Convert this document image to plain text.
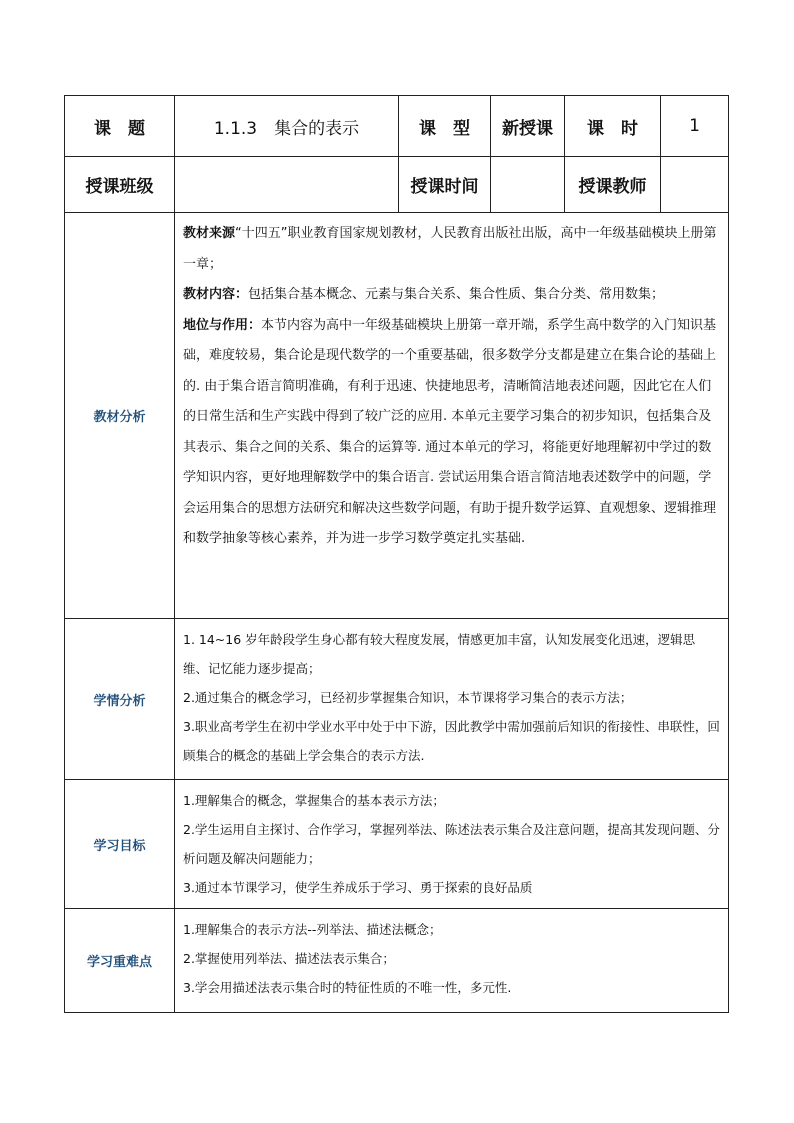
课　题	1.1.3　集合的表示	课　型	新授课	课　时	1
授课班级		授课时间		授课教师	
教材分析	教材来源“十四五”职业教育国家规划教材，人民教育出版社出版，高中一年级基础模块上册第一章；

教材内容：包括集合基本概念、元素与集合关系、集合性质、集合分类、常用数集；

地位与作用：本节内容为高中一年级基础模块上册第一章开端，系学生高中数学的入门知识基础，难度较易，集合论是现代数学的一个重要基础，很多数学分支都是建立在集合论的基础上的. 由于集合语言简明准确，有利于迅速、快捷地思考，清晰简洁地表述问题，因此它在人们的日常生活和生产实践中得到了较广泛的应用. 本单元主要学习集合的初步知识，包括集合及其表示、集合之间的关系、集合的运算等. 通过本单元的学习，将能更好地理解初中学过的数学知识内容，更好地理解数学中的集合语言. 尝试运用集合语言简洁地表述数学中的问题，学会运用集合的思想方法研究和解决这些数学问题，有助于提升数学运算、直观想象、逻辑推理和数学抽象等核心素养，并为进一步学习数学奠定扎实基础.				

学情分析	1. 14~16 岁年龄段学生身心都有较大程度发展，情感更加丰富，认知发展变化迅速，逻辑思维、记忆能力逐步提高；

2.通过集合的概念学习，已经初步掌握集合知识，本节课将学习集合的表示方法；

3.职业高考学生在初中学业水平中处于中下游，因此教学中需加强前后知识的衔接性、串联性，回顾集合的概念的基础上学会集合的表示方法.				

学习目标	1.理解集合的概念，掌握集合的基本表示方法；

2.学生运用自主探讨、合作学习，掌握列举法、陈述法表示集合及注意问题，提高其发现问题、分析问题及解决问题能力；

3.通过本节课学习，使学生养成乐于学习、勇于探索的良好品质				

学习重难点	1.理解集合的表示方法--列举法、描述法概念；

2.掌握使用列举法、描述法表示集合；

3.学会用描述法表示集合时的特征性质的不唯一性，多元性.				
